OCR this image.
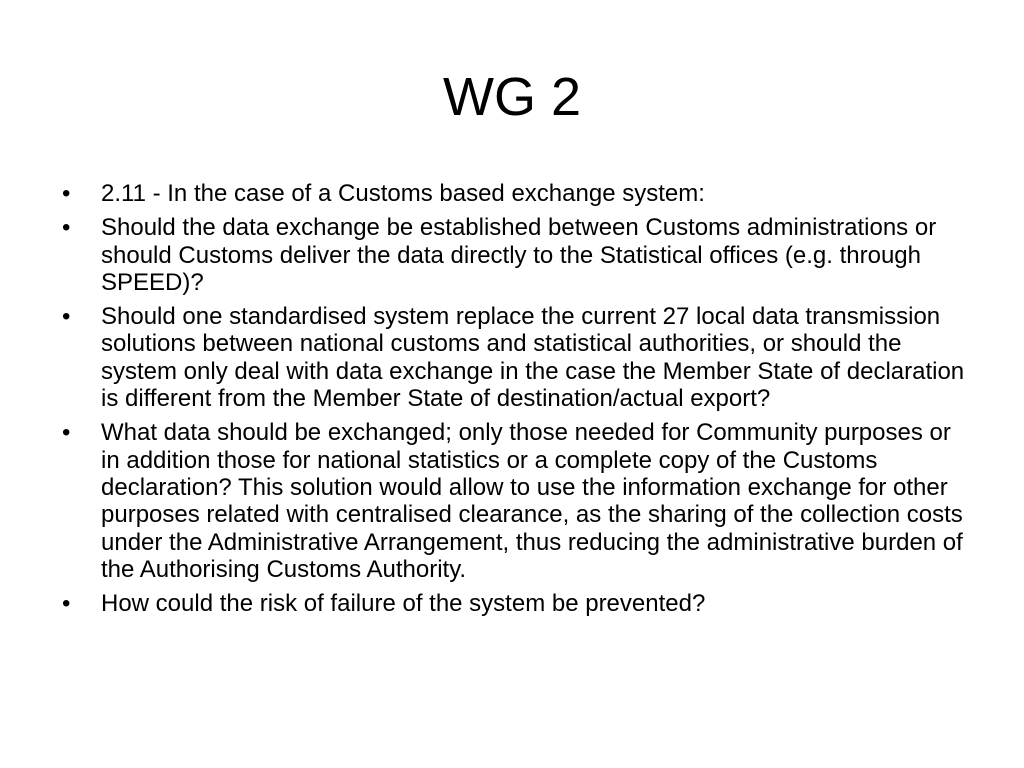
WG 2
•	2.11 - In the case of a Customs based exchange system:
•	Should the data exchange be established between Customs administrations or should Customs deliver the data directly to the Statistical offices (e.g. through SPEED)?
•	Should one standardised system replace the current 27 local data transmission solutions between national customs and statistical authorities, or should the system only deal with data exchange in the case the Member State of declaration is different from the Member State of destination/actual export?
•	What data should be exchanged; only those needed for Community purposes or in addition those for national statistics or a complete copy of the Customs declaration? This solution would allow to use the information exchange for other purposes related with centralised clearance, as the sharing of the collection costs under the Administrative Arrangement, thus reducing the administrative burden of the Authorising Customs Authority.
•	How could the risk of failure of the system be prevented?
